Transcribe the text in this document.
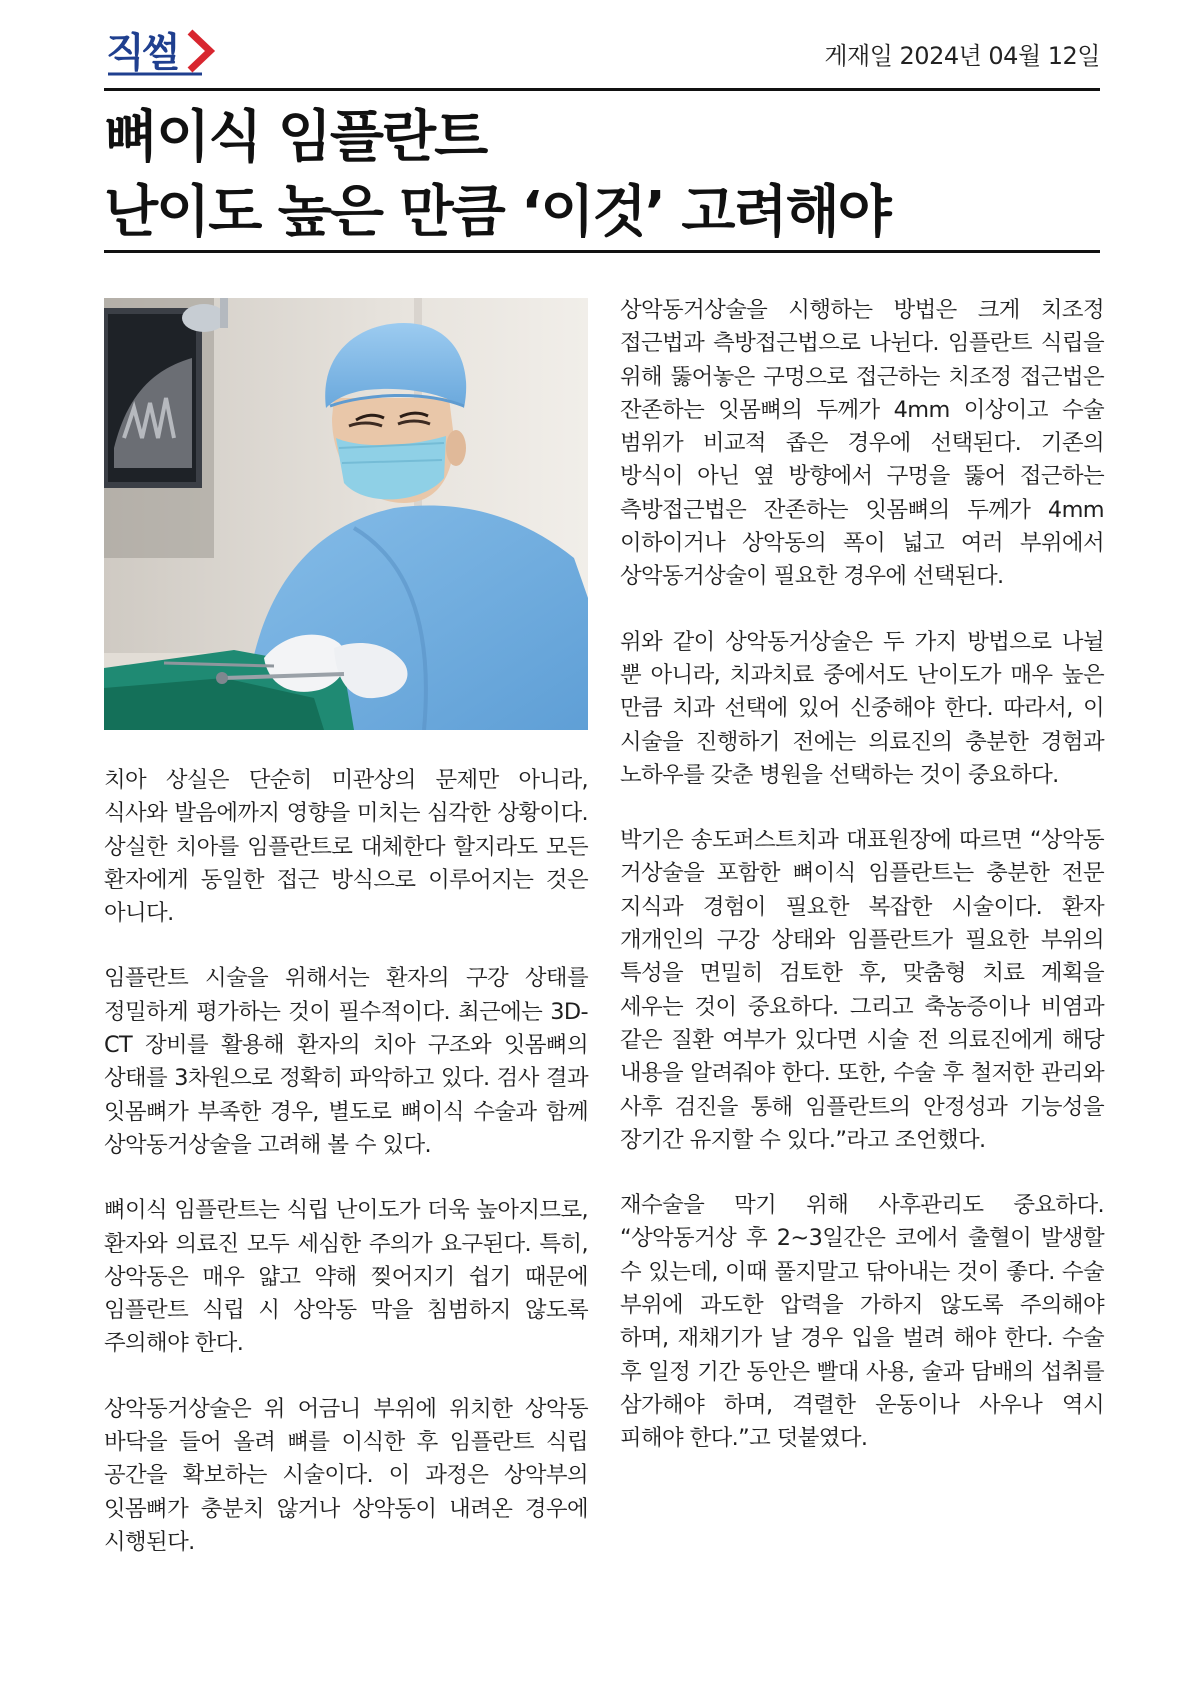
직썰	게재일 2024년 04월 12일
뼈이식 임플란트
난이도 높은 만큼 ‘이것’ 고려해야

치아 상실은 단순히 미관상의 문제만 아니라, 식사와 발음에까지 영향을 미치는 심각한 상황이다. 상실한 치아를 임플란트로 대체한다 할지라도 모든 환자에게 동일한 접근 방식으로 이루어지는 것은 아니다.

임플란트 시술을 위해서는 환자의 구강 상태를 정밀하게 평가하는 것이 필수적이다. 최근에는 3D-CT 장비를 활용해 환자의 치아 구조와 잇몸뼈의 상태를 3차원으로 정확히 파악하고 있다. 검사 결과 잇몸뼈가 부족한 경우, 별도로 뼈이식 수술과 함께 상악동거상술을 고려해 볼 수 있다.

뼈이식 임플란트는 식립 난이도가 더욱 높아지므로, 환자와 의료진 모두 세심한 주의가 요구된다. 특히, 상악동은 매우 얇고 약해 찢어지기 쉽기 때문에 임플란트 식립 시 상악동 막을 침범하지 않도록 주의해야 한다.

상악동거상술은 위 어금니 부위에 위치한 상악동 바닥을 들어 올려 뼈를 이식한 후 임플란트 식립 공간을 확보하는 시술이다. 이 과정은 상악부의 잇몸뼈가 충분치 않거나 상악동이 내려온 경우에 시행된다.

상악동거상술을 시행하는 방법은 크게 치조정 접근법과 측방접근법으로 나뉜다. 임플란트 식립을 위해 뚫어놓은 구멍으로 접근하는 치조정 접근법은 잔존하는 잇몸뼈의 두께가 4mm 이상이고 수술 범위가 비교적 좁은 경우에 선택된다. 기존의 방식이 아닌 옆 방향에서 구멍을 뚫어 접근하는 측방접근법은 잔존하는 잇몸뼈의 두께가 4mm 이하이거나 상악동의 폭이 넓고 여러 부위에서 상악동거상술이 필요한 경우에 선택된다.

위와 같이 상악동거상술은 두 가지 방법으로 나뉠 뿐 아니라, 치과치료 중에서도 난이도가 매우 높은 만큼 치과 선택에 있어 신중해야 한다. 따라서, 이 시술을 진행하기 전에는 의료진의 충분한 경험과 노하우를 갖춘 병원을 선택하는 것이 중요하다.

박기은 송도퍼스트치과 대표원장에 따르면 “상악동 거상술을 포함한 뼈이식 임플란트는 충분한 전문 지식과 경험이 필요한 복잡한 시술이다. 환자 개개인의 구강 상태와 임플란트가 필요한 부위의 특성을 면밀히 검토한 후, 맞춤형 치료 계획을 세우는 것이 중요하다. 그리고 축농증이나 비염과 같은 질환 여부가 있다면 시술 전 의료진에게 해당 내용을 알려줘야 한다. 또한, 수술 후 철저한 관리와 사후 검진을 통해 임플란트의 안정성과 기능성을 장기간 유지할 수 있다.”라고 조언했다.

재수술을 막기 위해 사후관리도 중요하다. “상악동거상 후 2~3일간은 코에서 출혈이 발생할 수 있는데, 이때 풀지말고 닦아내는 것이 좋다. 수술 부위에 과도한 압력을 가하지 않도록 주의해야 하며, 재채기가 날 경우 입을 벌려 해야 한다. 수술 후 일정 기간 동안은 빨대 사용, 술과 담배의 섭취를 삼가해야 하며, 격렬한 운동이나 사우나 역시 피해야 한다.”고 덧붙였다.
